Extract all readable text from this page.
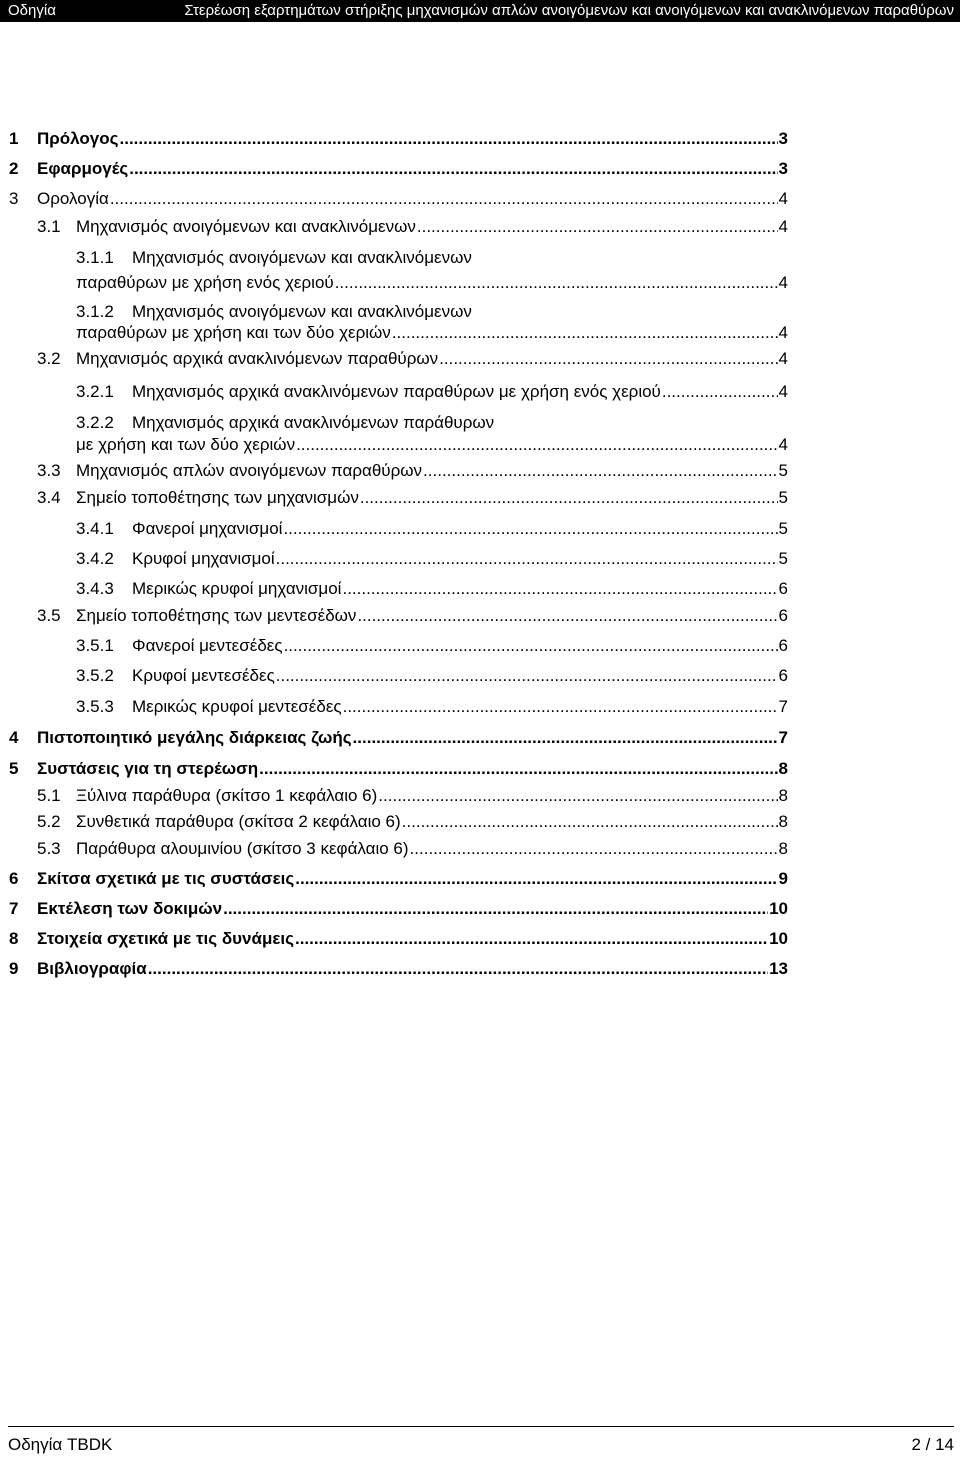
Οδηγία	Στερέωση εξαρτημάτων στήριξης μηχανισμών απλών ανοιγόμενων και ανοιγόμενων και ανακλινόμενων παραθύρων
1 Πρόλογος .....	3
2 Εφαρμογές .....	3
3 Ορολογία .....	4
3.1 Μηχανισμός ανοιγόμενων και ανακλινόμενων .....	4
3.1.1 Μηχανισμός ανοιγόμενων και ανακλινόμενων
παραθύρων με χρήση ενός χεριού .....	4
3.1.2 Μηχανισμός ανοιγόμενων και ανακλινόμενων
παραθύρων με χρήση και των δύο χεριών .....	4
3.2 Μηχανισμός αρχικά ανακλινόμενων παραθύρων .....	4
3.2.1 Μηχανισμός αρχικά ανακλινόμενων παραθύρων με χρήση ενός χεριού .....	4
3.2.2 Μηχανισμός αρχικά ανακλινόμενων παράθυρων
με χρήση και των δύο χεριών .....	4
3.3 Μηχανισμός απλών ανοιγόμενων παραθύρων .....	5
3.4 Σημείο τοποθέτησης των μηχανισμών .....	5
3.4.1 Φανεροί μηχανισμοί .....	5
3.4.2 Κρυφοί μηχανισμοί .....	5
3.4.3 Μερικώς κρυφοί μηχανισμοί .....	6
3.5 Σημείο τοποθέτησης των μεντεσέδων .....	6
3.5.1 Φανεροί μεντεσέδες .....	6
3.5.2 Κρυφοί μεντεσέδες .....	6
3.5.3 Μερικώς κρυφοί μεντεσέδες .....	7
4 Πιστοποιητικό μεγάλης διάρκειας ζωής .....	7
5 Συστάσεις για τη στερέωση .....	8
5.1 Ξύλινα παράθυρα (σκίτσο 1 κεφάλαιο 6) .....	8
5.2 Συνθετικά παράθυρα (σκίτσα 2 κεφάλαιο 6) .....	8
5.3 Παράθυρα αλουμινίου (σκίτσο 3 κεφάλαιο 6) .....	8
6 Σκίτσα σχετικά με τις συστάσεις .....	9
7 Εκτέλεση των δοκιμών .....	10
8 Στοιχεία σχετικά με τις δυνάμεις .....	10
9 Βιβλιογραφία .....	13
Οδηγία TBDK	2 / 14
